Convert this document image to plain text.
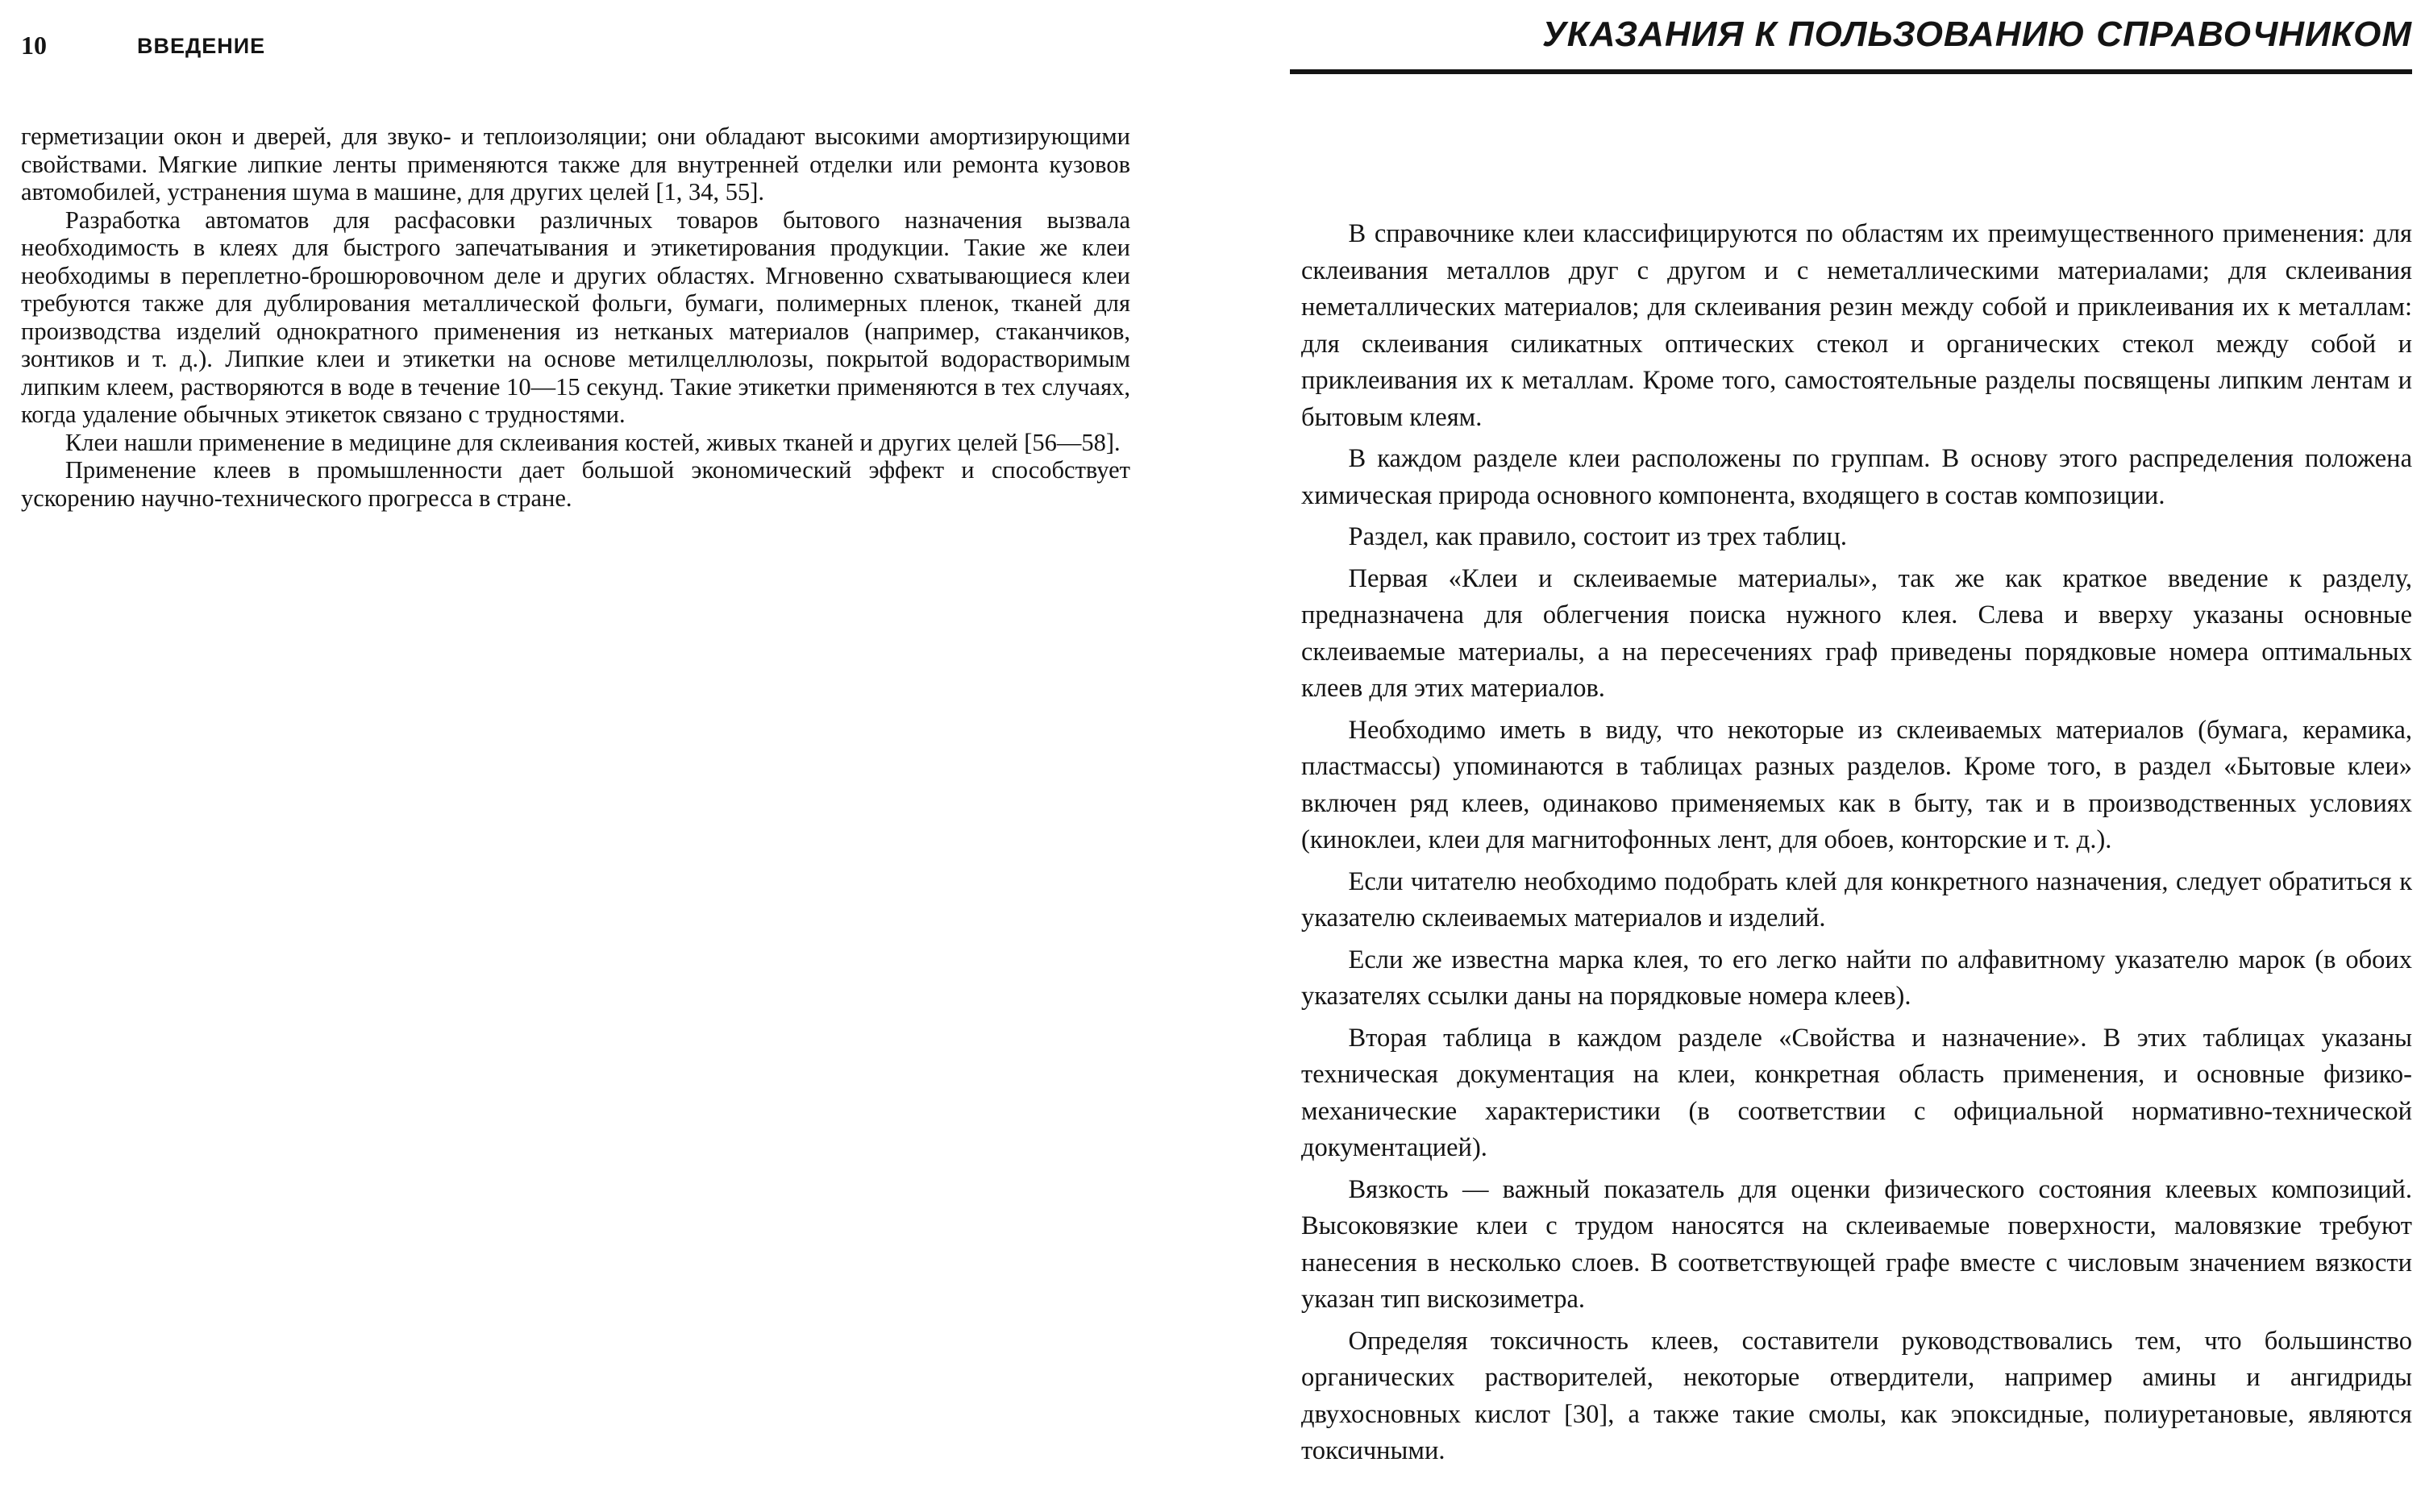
10	ВВЕДЕНИЕ	УКАЗАНИЯ К ПОЛЬЗОВАНИЮ СПРАВОЧНИКОМ

герметизации окон и дверей, для звуко- и теплоизоляции; они обладают высокими амортизирующими свойствами. Мягкие липкие ленты применяются также для внутренней отделки или ремонта кузовов автомобилей, устранения шума в машине, для других целей [1, 34, 55].

Разработка автоматов для расфасовки различных товаров бытового назначения вызвала необходимость в клеях для быстрого запечатывания и этикетирования продукции. Такие же клеи необходимы в переплетно-брошюровочном деле и других областях. Мгновенно схватывающиеся клеи требуются также для дублирования металлической фольги, бумаги, полимерных пленок, тканей для производства изделий однократного применения из нетканых материалов (например, стаканчиков, зонтиков и т. д.). Липкие клеи и этикетки на основе метилцеллюлозы, покрытой водорастворимым липким клеем, растворяются в воде в течение 10—15 секунд. Такие этикетки применяются в тех случаях, когда удаление обычных этикеток связано с трудностями.

Клеи нашли применение в медицине для склеивания костей, живых тканей и других целей [56—58].

Применение клеев в промышленности дает большой экономический эффект и способствует ускорению научно-технического прогресса в стране.

В справочнике клеи классифицируются по областям их преимущественного применения: для склеивания металлов друг с другом и с неметаллическими материалами; для склеивания неметаллических материалов; для склеивания резин между собой и приклеивания их к металлам: для склеивания силикатных оптических стекол и органических стекол между собой и приклеивания их к металлам. Кроме того, самостоятельные разделы посвящены липким лентам и бытовым клеям.

В каждом разделе клеи расположены по группам. В основу этого распределения положена химическая природа основного компонента, входящего в состав композиции.

Раздел, как правило, состоит из трех таблиц.

Первая «Клеи и склеиваемые материалы», так же как краткое введение к разделу, предназначена для облегчения поиска нужного клея. Слева и вверху указаны основные склеиваемые материалы, а на пересечениях граф приведены порядковые номера оптимальных клеев для этих материалов.

Необходимо иметь в виду, что некоторые из склеиваемых материалов (бумага, керамика, пластмассы) упоминаются в таблицах разных разделов. Кроме того, в раздел «Бытовые клеи» включен ряд клеев, одинаково применяемых как в быту, так и в производственных условиях (киноклеи, клеи для магнитофонных лент, для обоев, конторские и т. д.).

Если читателю необходимо подобрать клей для конкретного назначения, следует обратиться к указателю склеиваемых материалов и изделий.

Если же известна марка клея, то его легко найти по алфавитному указателю марок (в обоих указателях ссылки даны на порядковые номера клеев).

Вторая таблица в каждом разделе «Свойства и назначение». В этих таблицах указаны техническая документация на клеи, конкретная область применения, и основные физико-механические характеристики (в соответствии с официальной нормативно-технической документацией).

Вязкость — важный показатель для оценки физического состояния клеевых композиций. Высоковязкие клеи с трудом наносятся на склеиваемые поверхности, маловязкие требуют нанесения в несколько слоев. В соответствующей графе вместе с числовым значением вязкости указан тип вискозиметра.

Определяя токсичность клеев, составители руководствовались тем, что большинство органических растворителей, некоторые отвердители, например амины и ангидриды двухосновных кислот [30], а также такие смолы, как эпоксидные, полиуретановые, являются токсичными.
